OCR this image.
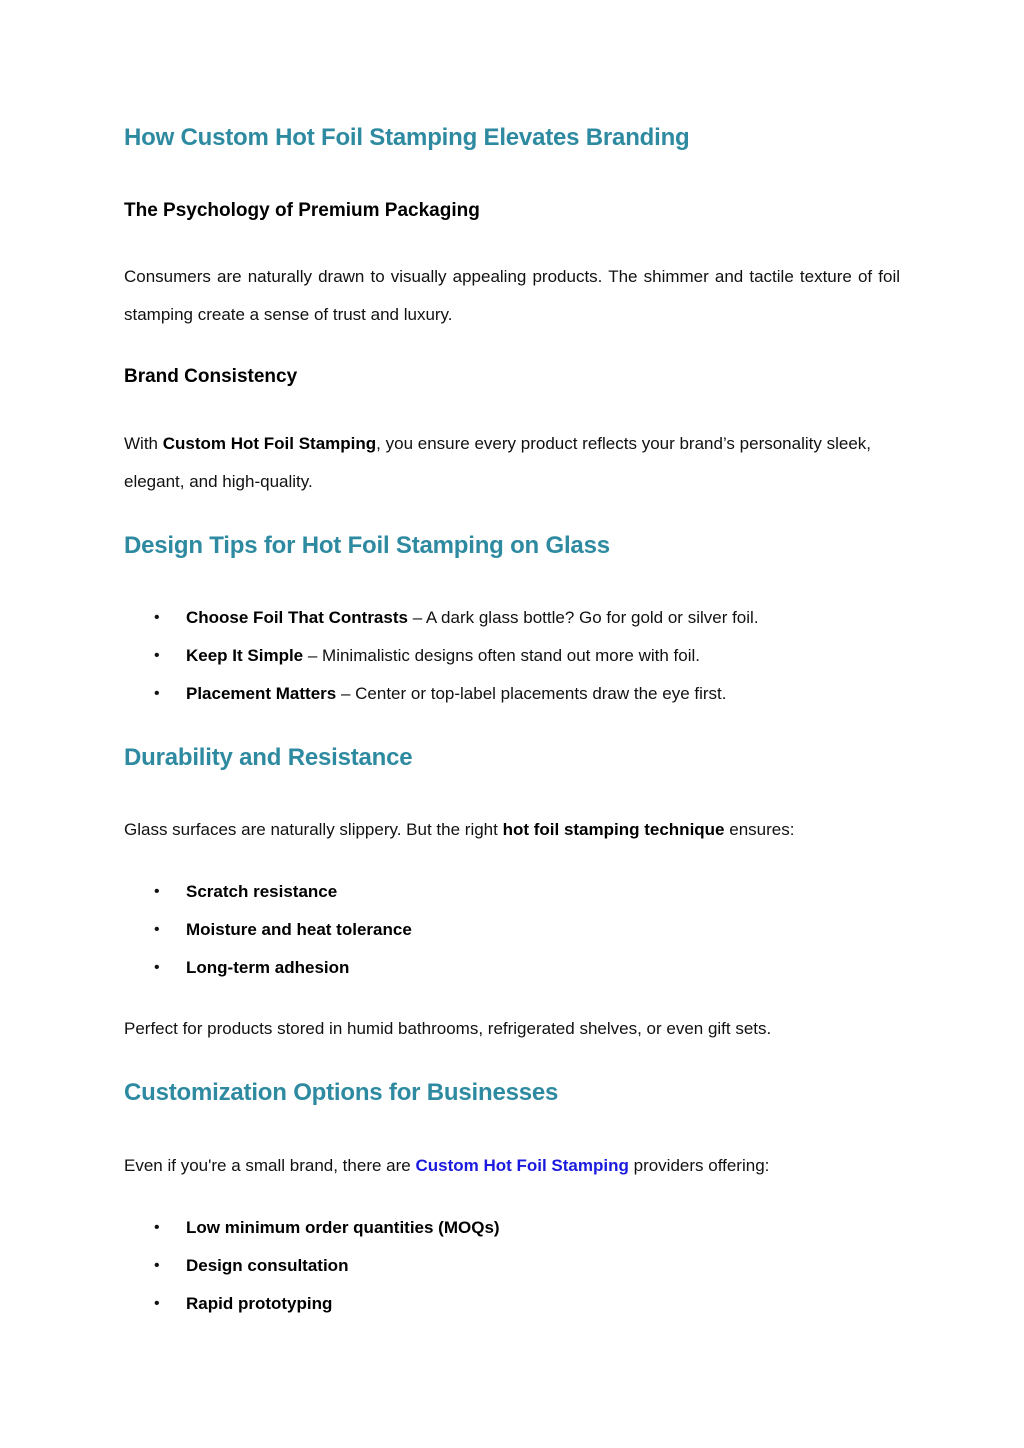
How Custom Hot Foil Stamping Elevates Branding
The Psychology of Premium Packaging
Consumers are naturally drawn to visually appealing products. The shimmer and tactile texture of foil stamping create a sense of trust and luxury.
Brand Consistency
With Custom Hot Foil Stamping, you ensure every product reflects your brand’s personality sleek, elegant, and high-quality.
Design Tips for Hot Foil Stamping on Glass
• Choose Foil That Contrasts – A dark glass bottle? Go for gold or silver foil.
• Keep It Simple – Minimalistic designs often stand out more with foil.
• Placement Matters – Center or top-label placements draw the eye first.
Durability and Resistance
Glass surfaces are naturally slippery. But the right hot foil stamping technique ensures:
• Scratch resistance
• Moisture and heat tolerance
• Long-term adhesion
Perfect for products stored in humid bathrooms, refrigerated shelves, or even gift sets.
Customization Options for Businesses
Even if you're a small brand, there are Custom Hot Foil Stamping providers offering:
• Low minimum order quantities (MOQs)
• Design consultation
• Rapid prototyping
